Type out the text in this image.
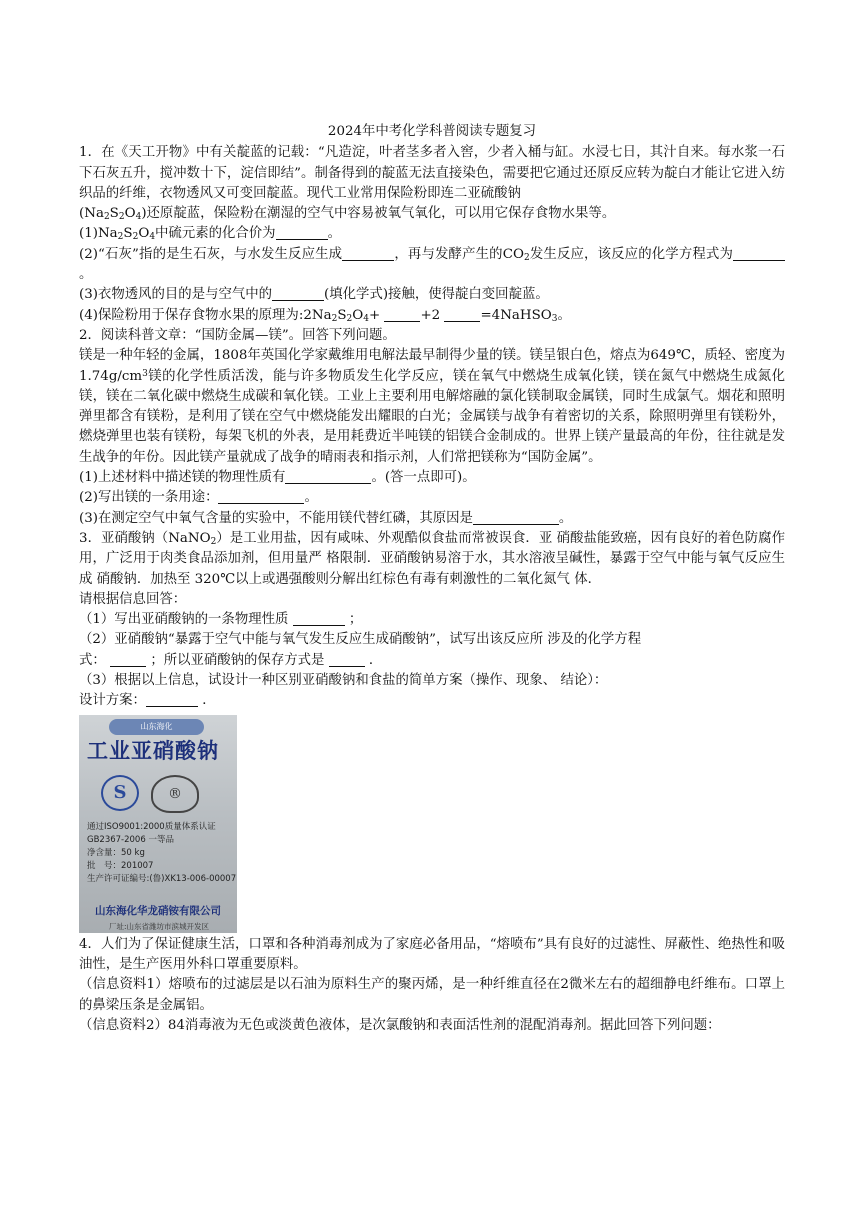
2024年中考化学科普阅读专题复习
1．在《天工开物》中有关靛蓝的记载：“凡造淀，叶者茎多者入窖，少者入桶与缸。水浸七日，其汁自来。每水浆一石下石灰五升，搅冲数十下，淀信即结”。制备得到的靛蓝无法直接染色，需要把它通过还原反应转为靛白才能让它进入纺织品的纤维，衣物透风又可变回靛蓝。现代工业常用保险粉即连二亚硫酸钠
$(Na_2S_2O_4)$还原靛蓝，保险粉在潮湿的空气中容易被氧气氧化，可以用它保存食物水果等。
$(1)Na_2S_2O_4$中硫元素的化合价为	。
(2)“石灰”指的是生石灰，与水发生反应生成	，再与发酵产生的$CO_2$发生反应，该反应的化学方程式为。
(3)衣物透风的目的是与空气中的	(填化学式)接触，使得靛白变回靛蓝。
(4)保险粉用于保存食物水果的原理为$:2Na_2S_2O_4+$	+2	=4NaHSO$_3$。
2．阅读科普文章：“国防金属—镁”。回答下列问题。
镁是一种年轻的金属，1808年英国化学家戴维用电解法最早制得少量的镁。镁呈银白色，熔点为649℃，质轻、密度为$1.74g/cm^3$镁的化学性质活泼，能与许多物质发生化学反应，镁在氧气中燃烧生成氧化镁，镁在氮气中燃烧生成氮化镁，镁在二氧化碳中燃烧生成碳和氧化镁。工业上主要利用电解熔融的氯化镁制取金属镁，同时生成氯气。烟花和照明弹里都含有镁粉，是利用了镁在空气中燃烧能发出耀眼的白光；金属镁与战争有着密切的关系，除照明弹里有镁粉外，燃烧弹里也装有镁粉，每架飞机的外表，是用耗费近半吨镁的铝镁合金制成的。世界上镁产量最高的年份，往往就是发生战争的年份。因此镁产量就成了战争的晴雨表和指示剂，人们常把镁称为“国防金属”。
(1)上述材料中描述镁的物理性质有	。(答一点即可)。
(2)写出镁的一条用途：	。
(3)在测定空气中氧气含量的实验中，不能用镁代替红磷，其原因是	。
3．亚硝酸钠（NaNO$_2$）是工业用盐，因有咸味、外观酷似食盐而常被误食．亚 硝酸盐能致癌，因有良好的着色防腐作用，广泛用于肉类食品添加剂，但用量严 格限制．亚硝酸钠易溶于水，其水溶液呈碱性，暴露于空气中能与氧气反应生成 硝酸钠．加热至 320℃以上或遇强酸则分解出红棕色有毒有刺激性的二氧化氮气 体．
请根据信息回答：
（1）写出亚硝酸钠的一条物理性质	；
（2）亚硝酸钠“暴露于空气中能与氧气发生反应生成硝酸钠”，试写出该反应所 涉及的化学方程
式：	；所以亚硝酸钠的保存方式是	．
（3）根据以上信息，试设计一种区别亚硝酸钠和食盐的简单方案（操作、现象、 结论）：
设计方案：	．
山东海化
工业亚硝酸钠
S	®
通过ISO9001:2000质量体系认证
GB2367-2006 一等品
净含量：50 kg
批　号：201007
生产许可证编号:(鲁)XK13-006-00007
山东海化华龙硝铵有限公司
厂址:山东省潍坊市滨城开发区
4．人们为了保证健康生活，口罩和各种消毒剂成为了家庭必备用品，“熔喷布”具有良好的过滤性、屏蔽性、绝热性和吸油性，是生产医用外科口罩重要原料。
（信息资料1）熔喷布的过滤层是以石油为原料生产的聚丙烯，是一种纤维直径在2微米左右的超细静电纤维布。口罩上的鼻梁压条是金属铝。
（信息资料2）84消毒液为无色或淡黄色液体，是次氯酸钠和表面活性剂的混配消毒剂。据此回答下列问题：
